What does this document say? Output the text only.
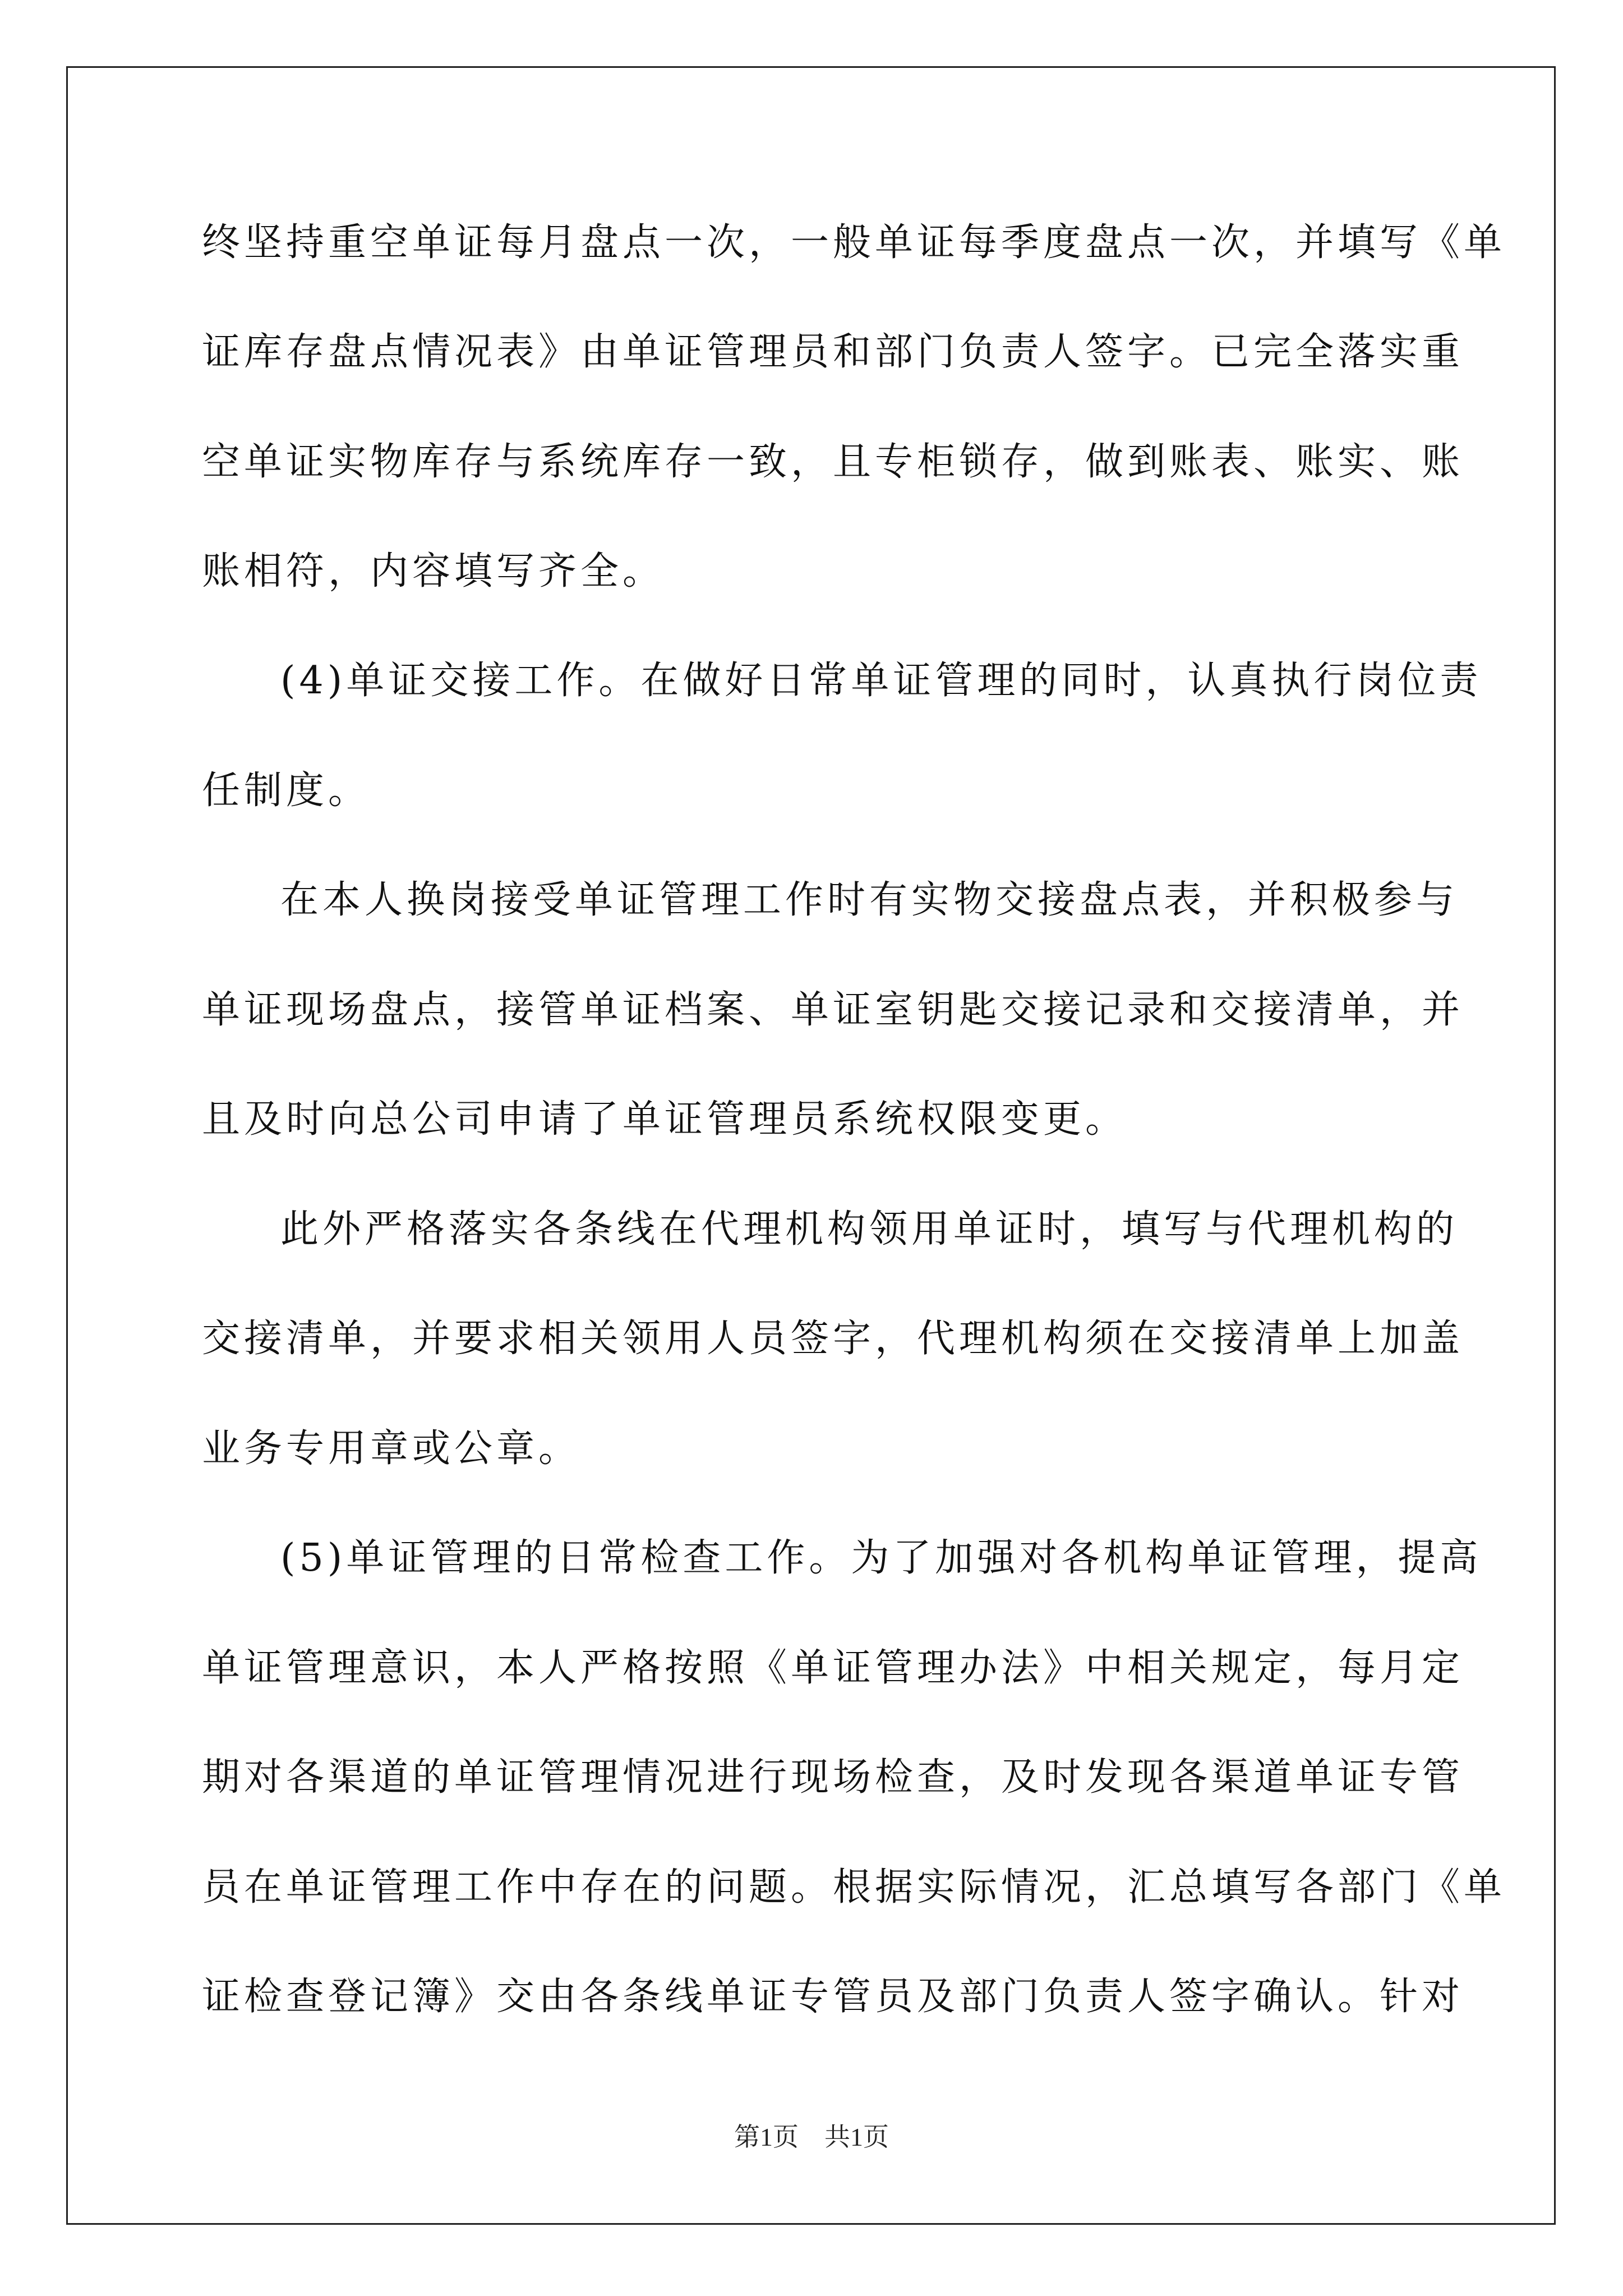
终坚持重空单证每月盘点一次，一般单证每季度盘点一次，并填写《单
证库存盘点情况表》由单证管理员和部门负责人签字。已完全落实重
空单证实物库存与系统库存一致，且专柜锁存，做到账表、账实、账
账相符，内容填写齐全。
(4)单证交接工作。在做好日常单证管理的同时，认真执行岗位责
任制度。
在本人换岗接受单证管理工作时有实物交接盘点表，并积极参与
单证现场盘点，接管单证档案、单证室钥匙交接记录和交接清单，并
且及时向总公司申请了单证管理员系统权限变更。
此外严格落实各条线在代理机构领用单证时，填写与代理机构的
交接清单，并要求相关领用人员签字，代理机构须在交接清单上加盖
业务专用章或公章。
(5)单证管理的日常检查工作。为了加强对各机构单证管理，提高
单证管理意识，本人严格按照《单证管理办法》中相关规定，每月定
期对各渠道的单证管理情况进行现场检查，及时发现各渠道单证专管
员在单证管理工作中存在的问题。根据实际情况，汇总填写各部门《单
证检查登记簿》交由各条线单证专管员及部门负责人签字确认。针对
第1页　共1页
